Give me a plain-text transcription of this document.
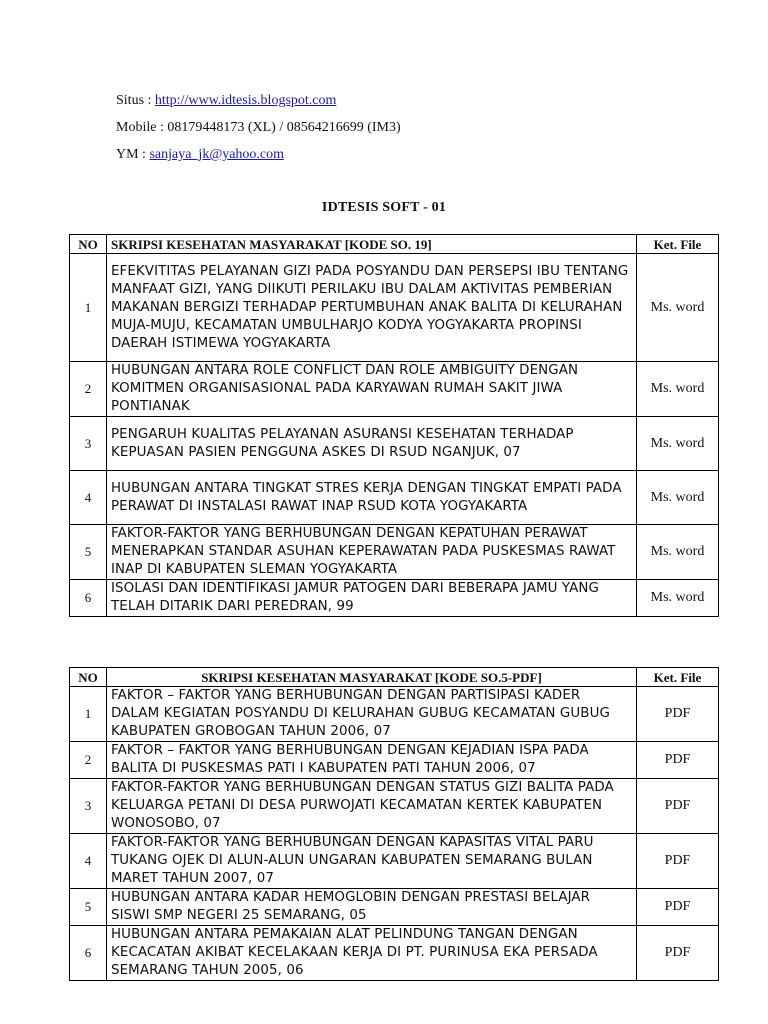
Situs : http://www.idtesis.blogspot.com
Mobile : 08179448173 (XL) / 08564216699 (IM3)
YM : sanjaya_jk@yahoo.com
IDTESIS SOFT - 01
NO	SKRIPSI KESEHATAN MASYARAKAT [KODE SO. 19]	Ket. File
1	EFEKVITITAS PELAYANAN GIZI PADA POSYANDU DAN PERSEPSI IBU TENTANG MANFAAT GIZI, YANG DIIKUTI PERILAKU IBU DALAM AKTIVITAS PEMBERIAN MAKANAN BERGIZI TERHADAP PERTUMBUHAN ANAK BALITA DI KELURAHAN MUJA-MUJU, KECAMATAN UMBULHARJO KODYA YOGYAKARTA PROPINSI DAERAH ISTIMEWA YOGYAKARTA	Ms. word
2	HUBUNGAN ANTARA ROLE CONFLICT DAN ROLE AMBIGUITY DENGAN KOMITMEN ORGANISASIONAL PADA KARYAWAN RUMAH SAKIT JIWA PONTIANAK	Ms. word
3	PENGARUH KUALITAS PELAYANAN ASURANSI KESEHATAN TERHADAP KEPUASAN PASIEN PENGGUNA ASKES DI RSUD NGANJUK, 07	Ms. word
4	HUBUNGAN ANTARA TINGKAT STRES KERJA DENGAN TINGKAT EMPATI PADA PERAWAT DI INSTALASI RAWAT INAP RSUD KOTA YOGYAKARTA	Ms. word
5	FAKTOR-FAKTOR YANG BERHUBUNGAN DENGAN KEPATUHAN PERAWAT MENERAPKAN STANDAR ASUHAN KEPERAWATAN PADA PUSKESMAS RAWAT INAP DI KABUPATEN SLEMAN YOGYAKARTA	Ms. word
6	ISOLASI DAN IDENTIFIKASI JAMUR PATOGEN DARI BEBERAPA JAMU YANG TELAH DITARIK DARI PEREDRAN, 99	Ms. word
NO	SKRIPSI KESEHATAN MASYARAKAT [KODE SO.5-PDF]	Ket. File
1	FAKTOR – FAKTOR YANG BERHUBUNGAN DENGAN PARTISIPASI KADER DALAM KEGIATAN POSYANDU DI KELURAHAN GUBUG KECAMATAN GUBUG KABUPATEN GROBOGAN TAHUN 2006, 07	PDF
2	FAKTOR – FAKTOR YANG BERHUBUNGAN DENGAN KEJADIAN ISPA PADA BALITA DI PUSKESMAS PATI I KABUPATEN PATI TAHUN 2006, 07	PDF
3	FAKTOR-FAKTOR YANG BERHUBUNGAN DENGAN STATUS GIZI BALITA PADA KELUARGA PETANI DI DESA PURWOJATI KECAMATAN KERTEK KABUPATEN WONOSOBO, 07	PDF
4	FAKTOR-FAKTOR YANG BERHUBUNGAN DENGAN KAPASITAS VITAL PARU TUKANG OJEK DI ALUN-ALUN UNGARAN KABUPATEN SEMARANG BULAN MARET TAHUN 2007, 07	PDF
5	HUBUNGAN ANTARA KADAR HEMOGLOBIN DENGAN PRESTASI BELAJAR SISWI SMP NEGERI 25 SEMARANG, 05	PDF
6	HUBUNGAN ANTARA PEMAKAIAN ALAT PELINDUNG TANGAN DENGAN KECACATAN AKIBAT KECELAKAAN KERJA DI PT. PURINUSA EKA PERSADA SEMARANG TAHUN 2005, 06	PDF
